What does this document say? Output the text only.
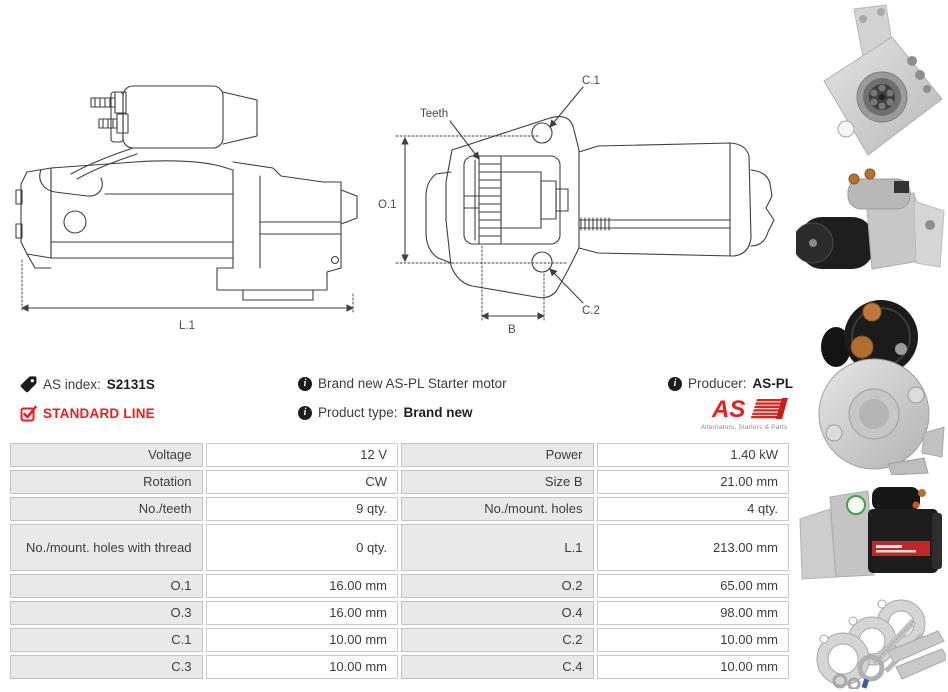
L.1
Teeth
C.1
C.2
O.1
B
AS index: S2131S
STANDARD LINE
i Brand new AS-PL Starter motor
i Product type: Brand new
i Producer: AS-PL
AS
Alternators, Starters & Parts
Voltage	12 V	Power	1.40 kW
Rotation	CW	Size B	21.00 mm
No./teeth	9 qty.	No./mount. holes	4 qty.
No./mount. holes with thread	0 qty.	L.1	213.00 mm
O.1	16.00 mm	O.2	65.00 mm
O.3	16.00 mm	O.4	98.00 mm
C.1	10.00 mm	C.2	10.00 mm
C.3	10.00 mm	C.4	10.00 mm
